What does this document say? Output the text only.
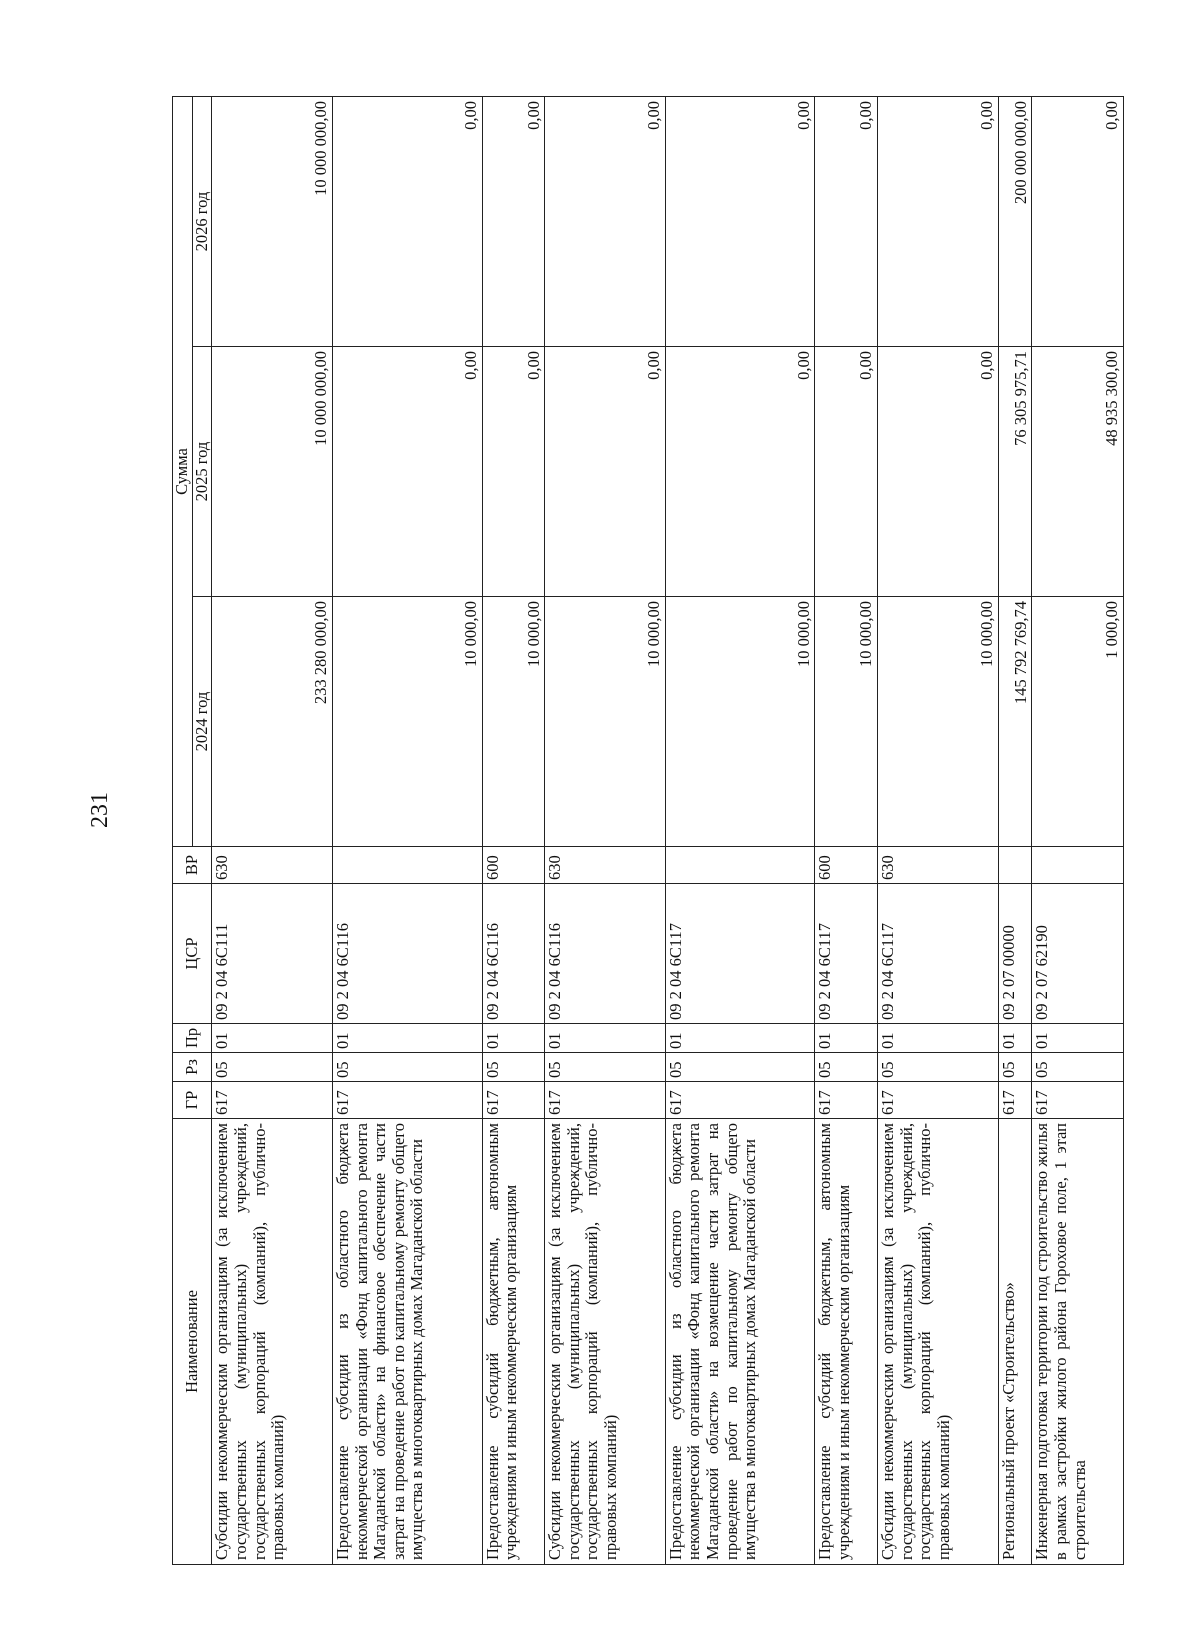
231
Наименование	ГР	Рз	Пр	ЦСР	ВР	Сумма		
						2024 год	2025 год	2026 год
Субсидии некоммерческим организациям (за исключением государственных (муниципальных) учреждений, государственных корпораций (компаний), публично-правовых компаний)	617	05	01	09 2 04 6С111	630	233 280 000,00	10 000 000,00	10 000 000,00
Предоставление субсидии из областного бюджета некоммерческой организации «Фонд капитального ремонта Магаданской области» на финансовое обеспечение части затрат на проведение работ по капитальному ремонту общего имущества в многоквартирных домах Магаданской области	617	05	01	09 2 04 6С116		10 000,00	0,00	0,00
Предоставление субсидий бюджетным, автономным учреждениям и иным некоммерческим организациям	617	05	01	09 2 04 6С116	600	10 000,00	0,00	0,00
Субсидии некоммерческим организациям (за исключением государственных (муниципальных) учреждений, государственных корпораций (компаний), публично-правовых компаний)	617	05	01	09 2 04 6С116	630	10 000,00	0,00	0,00
Предоставление субсидии из областного бюджета некоммерческой организации «Фонд капитального ремонта Магаданской области» на возмещение части затрат на проведение работ по капитальному ремонту общего имущества в многоквартирных домах Магаданской области	617	05	01	09 2 04 6С117		10 000,00	0,00	0,00
Предоставление субсидий бюджетным, автономным учреждениям и иным некоммерческим организациям	617	05	01	09 2 04 6С117	600	10 000,00	0,00	0,00
Субсидии некоммерческим организациям (за исключением государственных (муниципальных) учреждений, государственных корпораций (компаний), публично-правовых компаний)	617	05	01	09 2 04 6С117	630	10 000,00	0,00	0,00
Региональный проект «Строительство»	617	05	01	09 2 07 00000		145 792 769,74	76 305 975,71	200 000 000,00
Инженерная подготовка территории под строительство жилья в рамках застройки жилого района Гороховое поле, 1 этап строительства	617	05	01	09 2 07 62190		1 000,00	48 935 300,00	0,00
